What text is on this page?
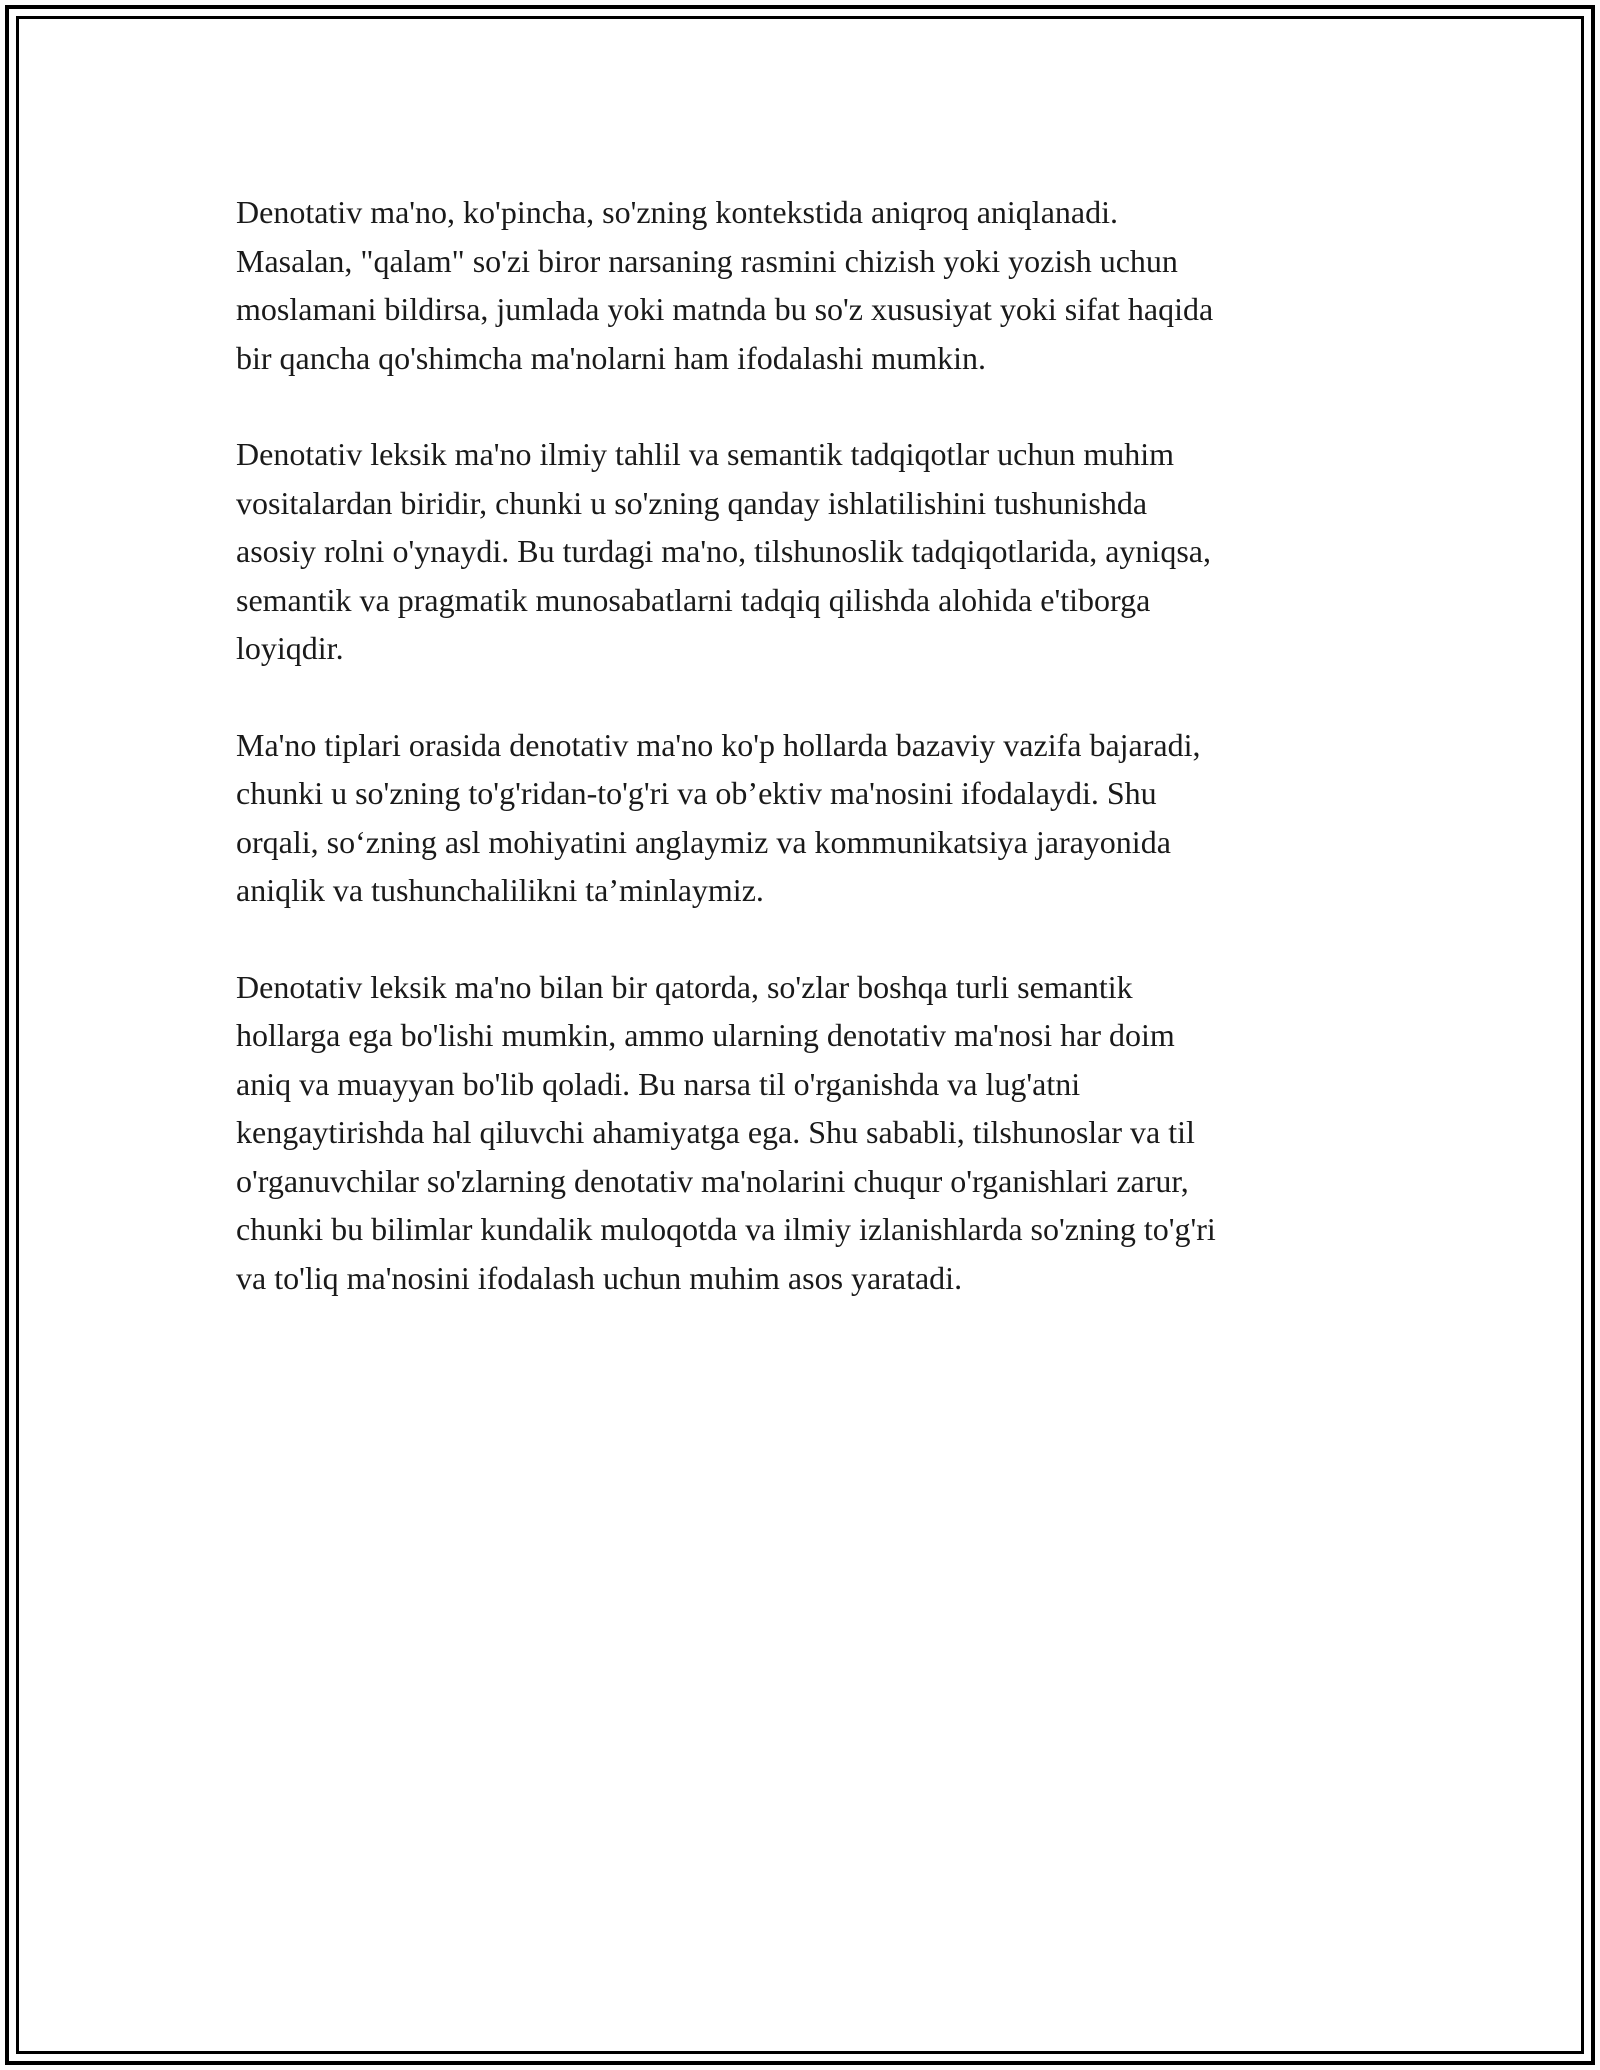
Denotativ ma'no, ko'pincha, so'zning kontekstida aniqroq aniqlanadi.
Masalan, "qalam" so'zi biror narsaning rasmini chizish yoki yozish uchun
moslamani bildirsa, jumlada yoki matnda bu so'z xususiyat yoki sifat haqida
bir qancha qo'shimcha ma'nolarni ham ifodalashi mumkin.

Denotativ leksik ma'no ilmiy tahlil va semantik tadqiqotlar uchun muhim
vositalardan biridir, chunki u so'zning qanday ishlatilishini tushunishda
asosiy rolni o'ynaydi. Bu turdagi ma'no, tilshunoslik tadqiqotlarida, ayniqsa,
semantik va pragmatik munosabatlarni tadqiq qilishda alohida e'tiborga
loyiqdir.

Ma'no tiplari orasida denotativ ma'no ko'p hollarda bazaviy vazifa bajaradi,
chunki u so'zning to'g'ridan-to'g'ri va ob’ektiv ma'nosini ifodalaydi. Shu
orqali, so‘zning asl mohiyatini anglaymiz va kommunikatsiya jarayonida
aniqlik va tushunchalilikni ta’minlaymiz.

Denotativ leksik ma'no bilan bir qatorda, so'zlar boshqa turli semantik
hollarga ega bo'lishi mumkin, ammo ularning denotativ ma'nosi har doim
aniq va muayyan bo'lib qoladi. Bu narsa til o'rganishda va lug'atni
kengaytirishda hal qiluvchi ahamiyatga ega. Shu sababli, tilshunoslar va til
o'rganuvchilar so'zlarning denotativ ma'nolarini chuqur o'rganishlari zarur,
chunki bu bilimlar kundalik muloqotda va ilmiy izlanishlarda so'zning to'g'ri
va to'liq ma'nosini ifodalash uchun muhim asos yaratadi.
